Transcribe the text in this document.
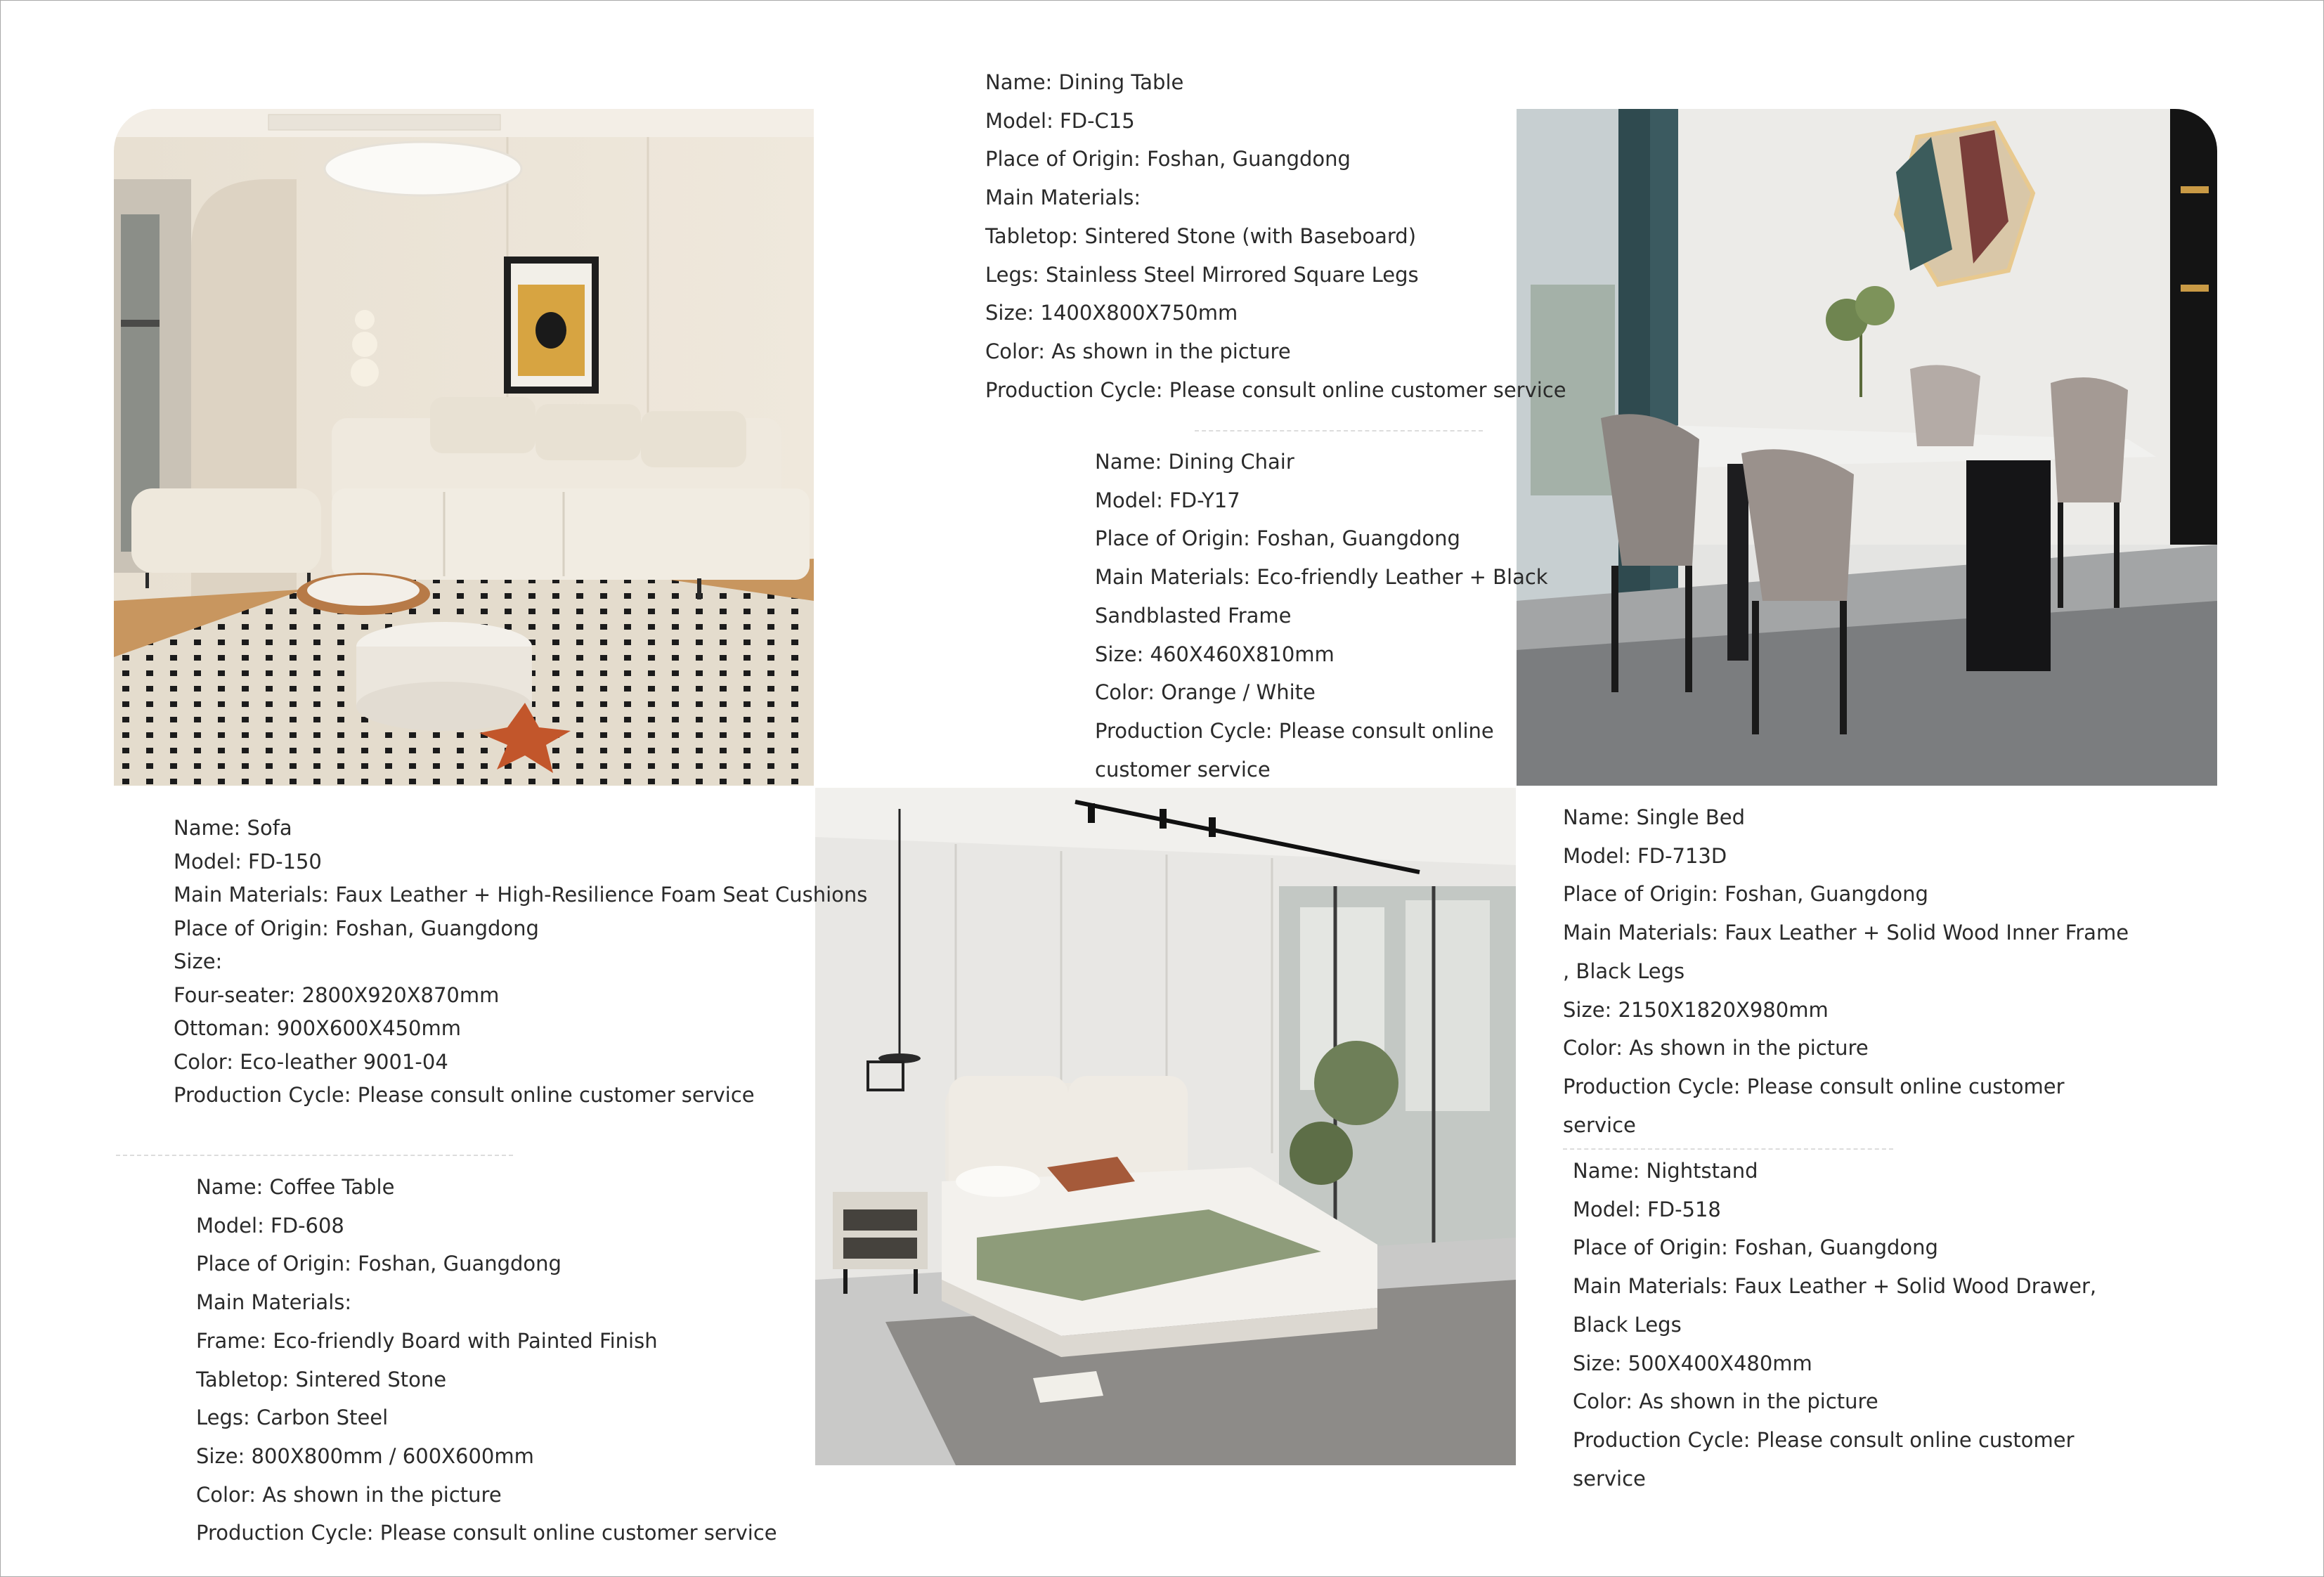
Name: Dining Table
Model: FD-C15
Place of Origin: Foshan, Guangdong
Main Materials:
Tabletop: Sintered Stone (with Baseboard)
Legs: Stainless Steel Mirrored Square Legs
Size: 1400X800X750mm
Color: As shown in the picture
Production Cycle: Please consult online customer service
Name: Dining Chair
Model: FD-Y17
Place of Origin: Foshan, Guangdong
Main Materials: Eco-friendly Leather + Black
Sandblasted Frame
Size: 460X460X810mm
Color: Orange / White
Production Cycle: Please consult online
customer service
Name: Sofa
Model: FD-150
Main Materials: Faux Leather + High-Resilience Foam Seat Cushions
Place of Origin: Foshan, Guangdong
Size:
Four-seater: 2800X920X870mm
Ottoman: 900X600X450mm
Color: Eco-leather 9001-04
Production Cycle: Please consult online customer service
Name: Coffee Table
Model: FD-608
Place of Origin: Foshan, Guangdong
Main Materials:
Frame: Eco-friendly Board with Painted Finish
Tabletop: Sintered Stone
Legs: Carbon Steel
Size: 800X800mm / 600X600mm
Color: As shown in the picture
Production Cycle: Please consult online customer service
Name: Single Bed
Model: FD-713D
Place of Origin: Foshan, Guangdong
Main Materials: Faux Leather + Solid Wood Inner Frame
, Black Legs
Size: 2150X1820X980mm
Color: As shown in the picture
Production Cycle: Please consult online customer
service
Name: Nightstand
Model: FD-518
Place of Origin: Foshan, Guangdong
Main Materials: Faux Leather + Solid Wood Drawer,
Black Legs
Size: 500X400X480mm
Color: As shown in the picture
Production Cycle: Please consult online customer
service
